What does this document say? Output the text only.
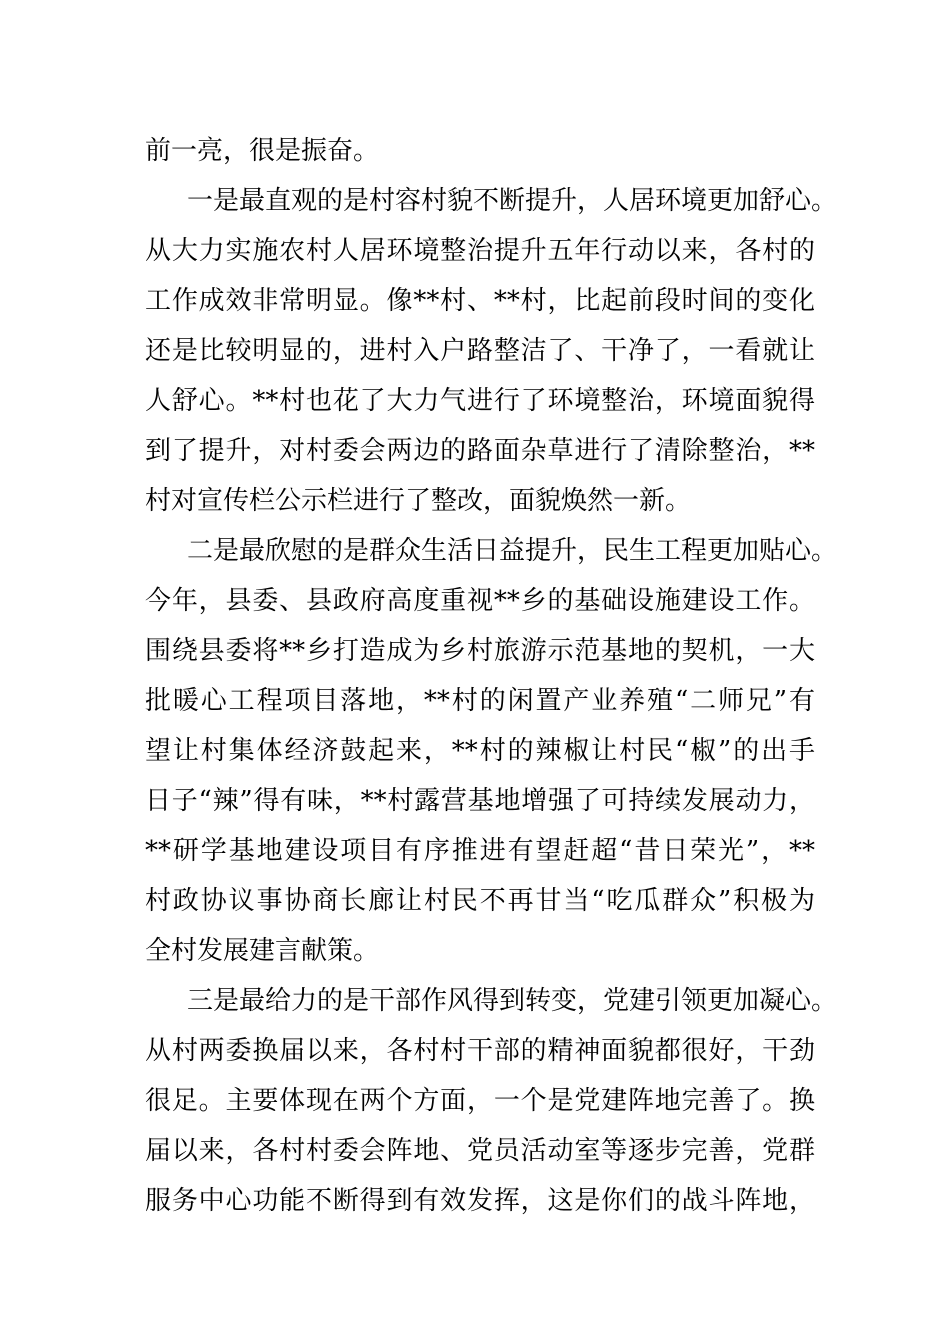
前一亮，很是振奋。
一是最直观的是村容村貌不断提升，人居环境更加舒心。
从大力实施农村人居环境整治提升五年行动以来，各村的
工作成效非常明显。像**村、**村，比起前段时间的变化
还是比较明显的，进村入户路整洁了、干净了，一看就让
人舒心。**村也花了大力气进行了环境整治，环境面貌得
到了提升，对村委会两边的路面杂草进行了清除整治，**
村对宣传栏公示栏进行了整改，面貌焕然一新。
二是最欣慰的是群众生活日益提升，民生工程更加贴心。
今年，县委、县政府高度重视**乡的基础设施建设工作。
围绕县委将**乡打造成为乡村旅游示范基地的契机，一大
批暖心工程项目落地，**村的闲置产业养殖“二师兄”有
望让村集体经济鼓起来，**村的辣椒让村民“椒”的出手
日子“辣”得有味，**村露营基地增强了可持续发展动力，
**研学基地建设项目有序推进有望赶超“昔日荣光”，**
村政协议事协商长廊让村民不再甘当“吃瓜群众”积极为
全村发展建言献策。
三是最给力的是干部作风得到转变，党建引领更加凝心。
从村两委换届以来，各村村干部的精神面貌都很好，干劲
很足。主要体现在两个方面，一个是党建阵地完善了。换
届以来，各村村委会阵地、党员活动室等逐步完善，党群
服务中心功能不断得到有效发挥，这是你们的战斗阵地，
